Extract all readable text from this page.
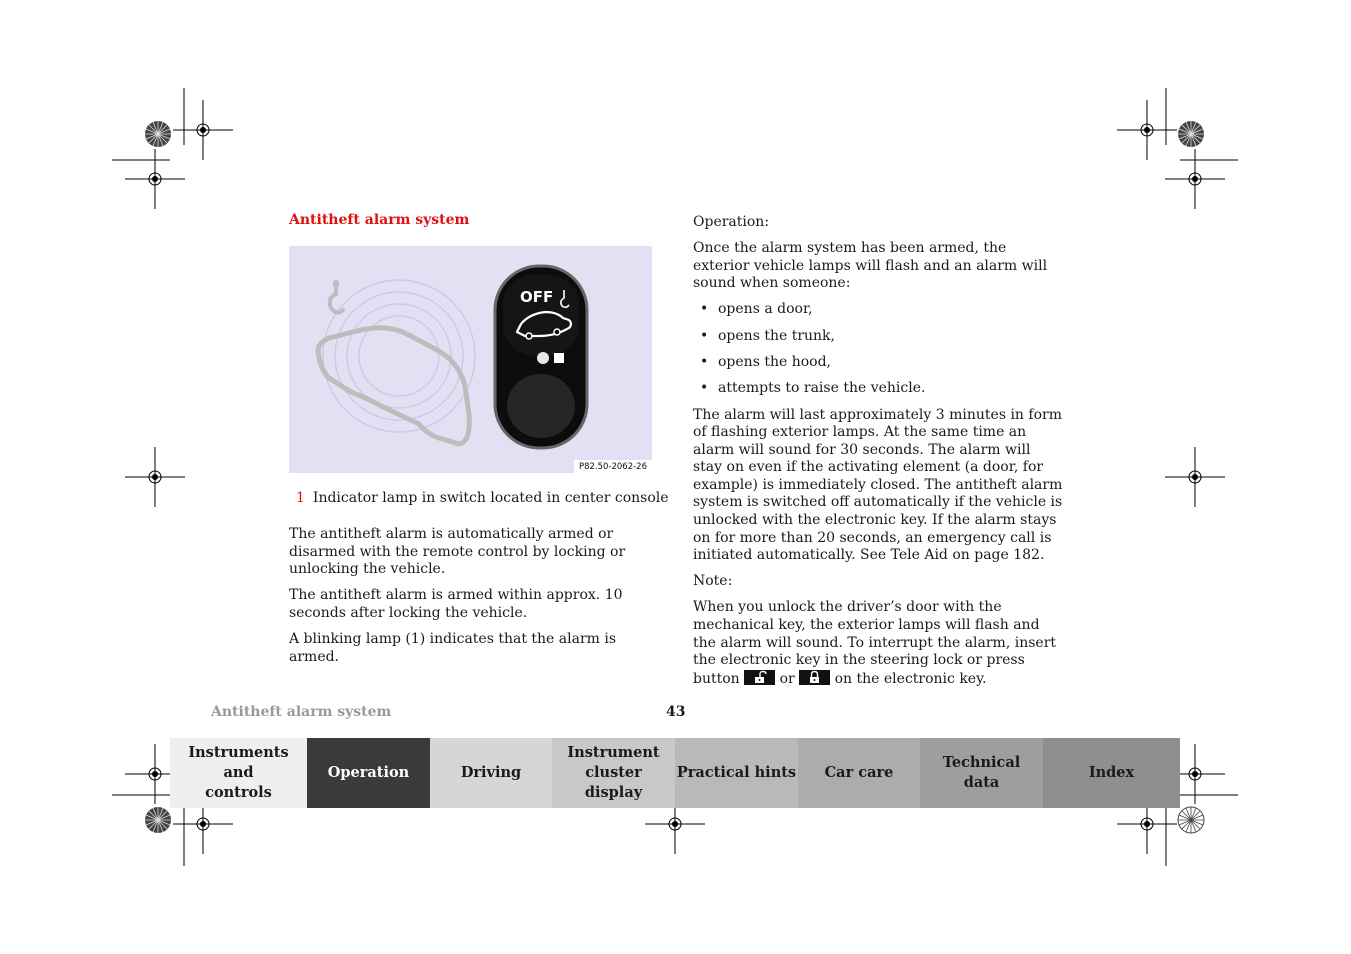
Antitheft alarm system
OFF
P82.50-2062-26
1 Indicator lamp in switch located in center console

The antitheft alarm is automatically armed or disarmed with the remote control by locking or unlocking the vehicle.

The antitheft alarm is armed within approx. 10 seconds after locking the vehicle.

A blinking lamp (1) indicates that the alarm is armed.

Operation:

Once the alarm system has been armed, the exterior vehicle lamps will flash and an alarm will sound when someone:

• opens a door,
• opens the trunk,
• opens the hood,
• attempts to raise the vehicle.

The alarm will last approximately 3 minutes in form of flashing exterior lamps. At the same time an alarm will sound for 30 seconds. The alarm will stay on even if the activating element (a door, for example) is immediately closed. The antitheft alarm system is switched off automatically if the vehicle is unlocked with the electronic key. If the alarm stays on for more than 20 seconds, an emergency call is initiated automatically. See Tele Aid on page 182.

Note:

When you unlock the driver’s door with the mechanical key, the exterior lamps will flash and the alarm will sound. To interrupt the alarm, insert the electronic key in the steering lock or press button	or	on the electronic key.

Antitheft alarm system	43
Instruments and controls
Operation	Driving
Instrument cluster display
Practical hints	Car care
Technical data
Index
